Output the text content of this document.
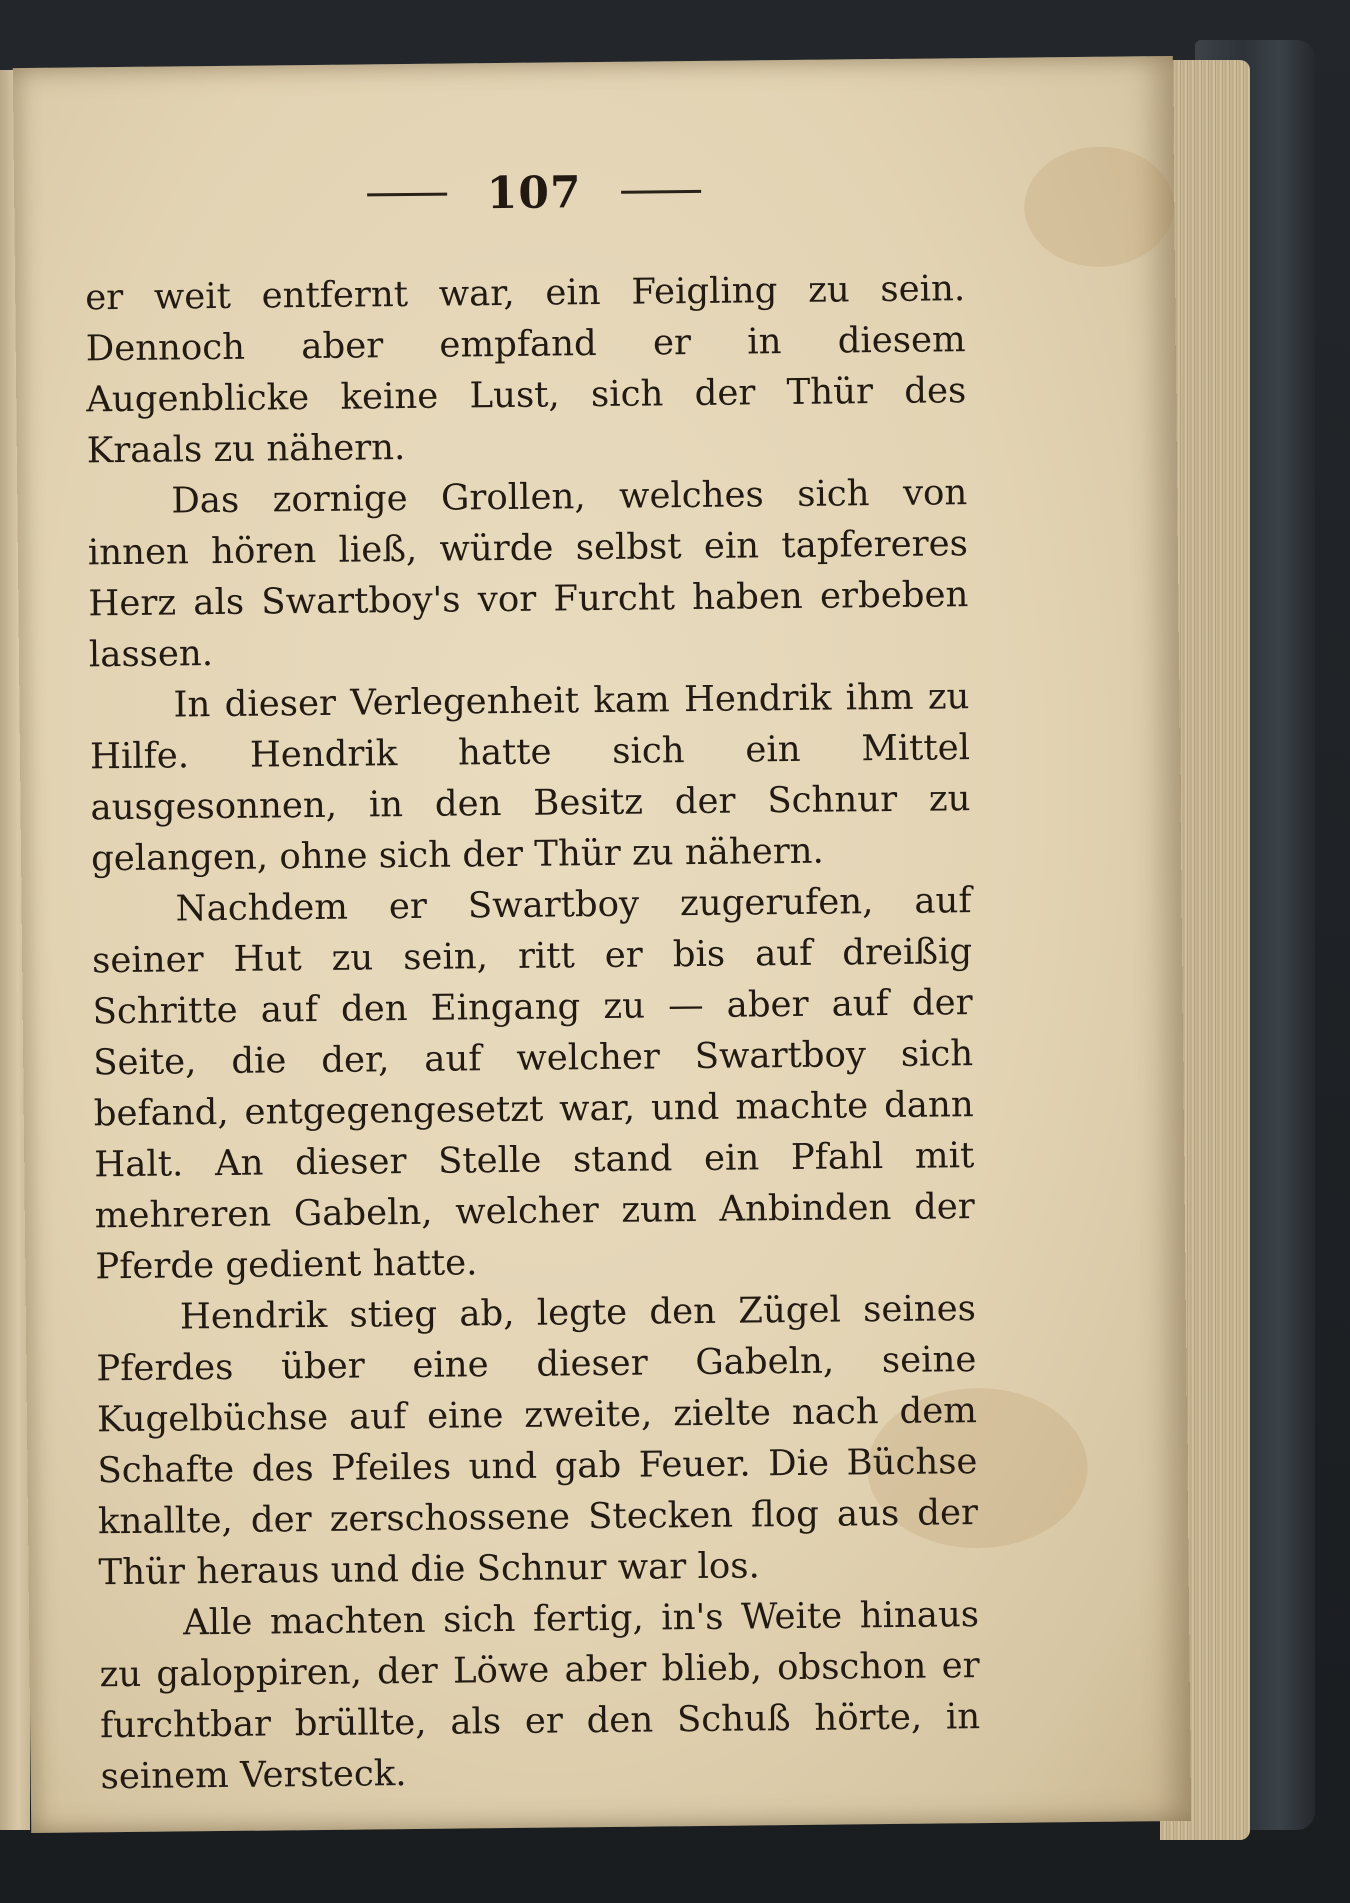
107

er weit entfernt war, ein Feigling zu sein. Dennoch aber empfand er in diesem Augenblicke keine Lust, sich der Thür des Kraals zu nähern.

Das zornige Grollen, welches sich von innen hören ließ, würde selbst ein tapfereres Herz als Swartboy's vor Furcht haben erbeben lassen.

In dieser Verlegenheit kam Hendrik ihm zu Hilfe. Hendrik hatte sich ein Mittel ausgesonnen, in den Besitz der Schnur zu gelangen, ohne sich der Thür zu nähern.

Nachdem er Swartboy zugerufen, auf seiner Hut zu sein, ritt er bis auf dreißig Schritte auf den Eingang zu — aber auf der Seite, die der, auf welcher Swartboy sich befand, entgegengesetzt war, und machte dann Halt. An dieser Stelle stand ein Pfahl mit mehreren Gabeln, welcher zum Anbinden der Pferde gedient hatte.

Hendrik stieg ab, legte den Zügel seines Pferdes über eine dieser Gabeln, seine Kugelbüchse auf eine zweite, zielte nach dem Schafte des Pfeiles und gab Feuer. Die Büchse knallte, der zerschossene Stecken flog aus der Thür heraus und die Schnur war los.

Alle machten sich fertig, in's Weite hinaus zu galoppiren, der Löwe aber blieb, obschon er furchtbar brüllte, als er den Schuß hörte, in seinem Versteck.
